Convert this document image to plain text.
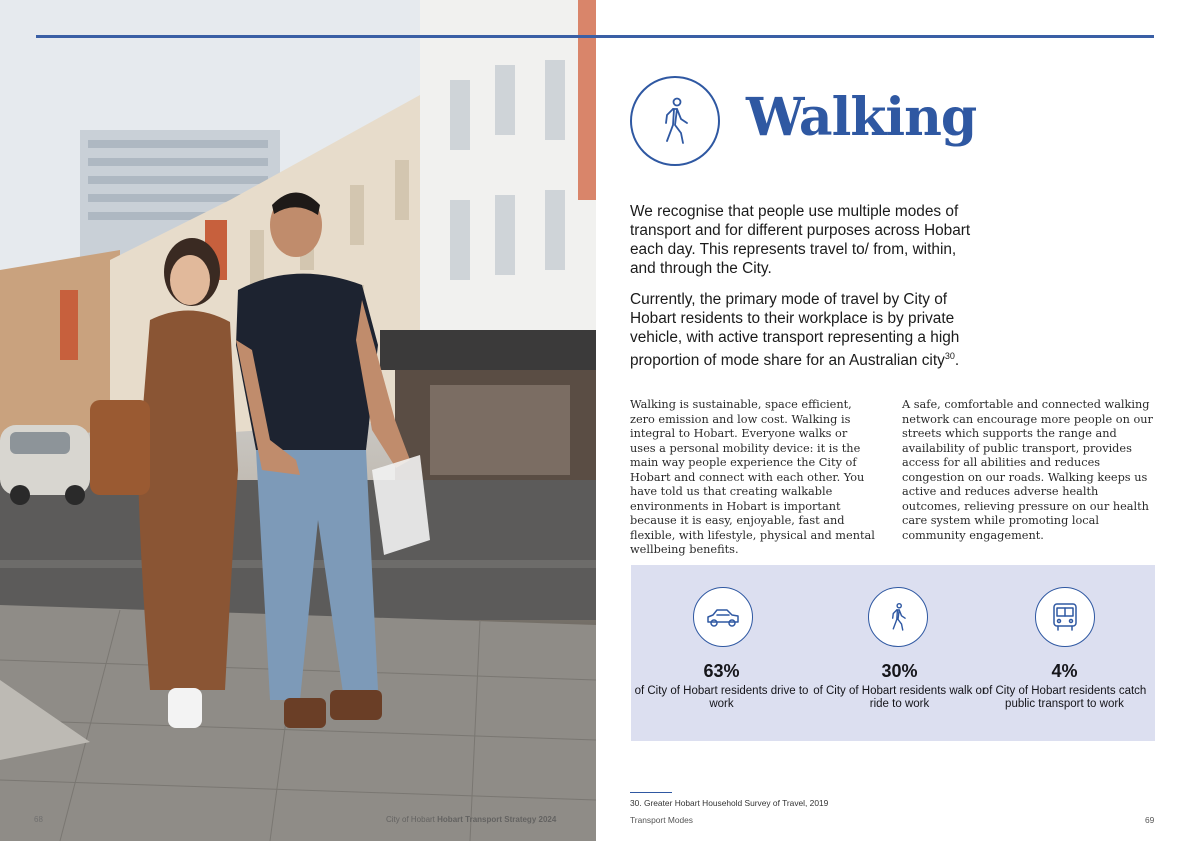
68	City of Hobart Hobart Transport Strategy 2024
Walking

We recognise that people use multiple modes of transport and for different purposes across Hobart each day. This represents travel to/ from, within, and through the City.

Currently, the primary mode of travel by City of Hobart residents to their workplace is by private vehicle, with active transport representing a high proportion of mode share for an Australian city$^{30}$.

Walking is sustainable, space efficient, zero emission and low cost. Walking is integral to Hobart. Everyone walks or uses a personal mobility device: it is the main way people experience the City of Hobart and connect with each other. You have told us that creating walkable environments in Hobart is important because it is easy, enjoyable, fast and flexible, with lifestyle, physical and mental wellbeing benefits.

A safe, comfortable and connected walking network can encourage more people on our streets which supports the range and availability of public transport, provides access for all abilities and reduces congestion on our roads. Walking keeps us active and reduces adverse health outcomes, relieving pressure on our health care system while promoting local community engagement.

63%
of City of Hobart residents drive to work
30%
of City of Hobart residents walk or ride to work
4%
of City of Hobart residents catch public transport to work
30. Greater Hobart Household Survey of Travel, 2019
Transport Modes	69
